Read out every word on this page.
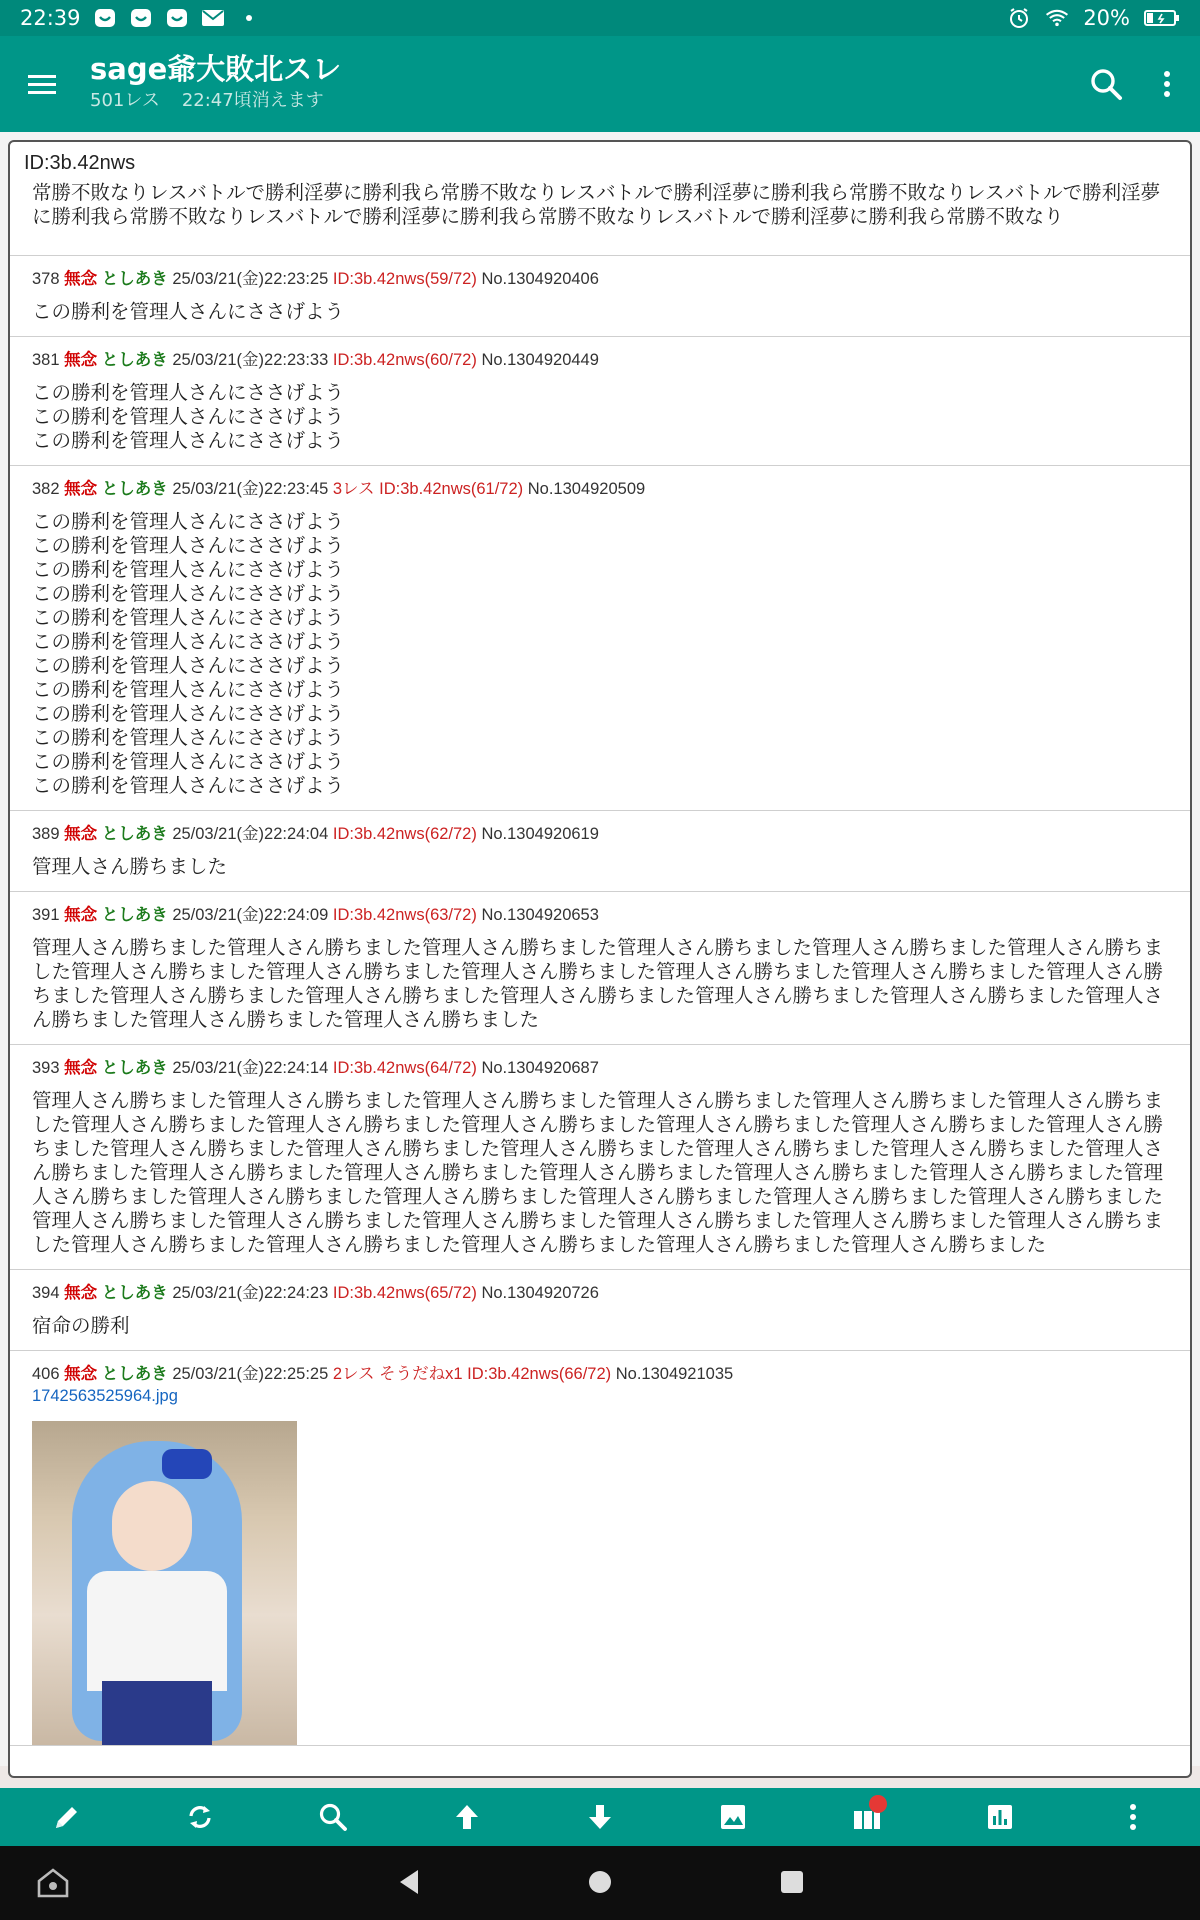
22:39	20%
sage爺大敗北スレ
501レス 22:47頃消えます
ID:3b.42nws
常勝不敗なりレスバトルで勝利淫夢に勝利我ら常勝不敗なりレスバトルで勝利淫夢に勝利我ら常勝不敗なりレスバトルで勝利淫夢に勝利我ら常勝不敗なりレスバトルで勝利淫夢に勝利我ら常勝不敗なりレスバトルで勝利淫夢に勝利我ら常勝不敗なり
378 無念 としあき 25/03/21(金)22:23:25 ID:3b.42nws(59/72) No.1304920406
この勝利を管理人さんにささげよう
381 無念 としあき 25/03/21(金)22:23:33 ID:3b.42nws(60/72) No.1304920449
この勝利を管理人さんにささげよう
この勝利を管理人さんにささげよう
この勝利を管理人さんにささげよう
382 無念 としあき 25/03/21(金)22:23:45 3レス ID:3b.42nws(61/72) No.1304920509
この勝利を管理人さんにささげよう
この勝利を管理人さんにささげよう
この勝利を管理人さんにささげよう
この勝利を管理人さんにささげよう
この勝利を管理人さんにささげよう
この勝利を管理人さんにささげよう
この勝利を管理人さんにささげよう
この勝利を管理人さんにささげよう
この勝利を管理人さんにささげよう
この勝利を管理人さんにささげよう
この勝利を管理人さんにささげよう
この勝利を管理人さんにささげよう
389 無念 としあき 25/03/21(金)22:24:04 ID:3b.42nws(62/72) No.1304920619
管理人さん勝ちました
391 無念 としあき 25/03/21(金)22:24:09 ID:3b.42nws(63/72) No.1304920653
管理人さん勝ちました管理人さん勝ちました管理人さん勝ちました管理人さん勝ちました管理人さん勝ちました管理人さん勝ちました管理人さん勝ちました管理人さん勝ちました管理人さん勝ちました管理人さん勝ちました管理人さん勝ちました管理人さん勝ちました管理人さん勝ちました管理人さん勝ちました管理人さん勝ちました管理人さん勝ちました管理人さん勝ちました管理人さん勝ちました管理人さん勝ちました管理人さん勝ちました
393 無念 としあき 25/03/21(金)22:24:14 ID:3b.42nws(64/72) No.1304920687
管理人さん勝ちました管理人さん勝ちました管理人さん勝ちました管理人さん勝ちました管理人さん勝ちました管理人さん勝ちました管理人さん勝ちました管理人さん勝ちました管理人さん勝ちました管理人さん勝ちました管理人さん勝ちました管理人さん勝ちました管理人さん勝ちました管理人さん勝ちました管理人さん勝ちました管理人さん勝ちました管理人さん勝ちました管理人さん勝ちました管理人さん勝ちました管理人さん勝ちました管理人さん勝ちました管理人さん勝ちました管理人さん勝ちました管理人さん勝ちました管理人さん勝ちました管理人さん勝ちました管理人さん勝ちました管理人さん勝ちました管理人さん勝ちました管理人さん勝ちました管理人さん勝ちました管理人さん勝ちました管理人さん勝ちました管理人さん勝ちました管理人さん勝ちました管理人さん勝ちました管理人さん勝ちました管理人さん勝ちました管理人さん勝ちました管理人さん勝ちました
394 無念 としあき 25/03/21(金)22:24:23 ID:3b.42nws(65/72) No.1304920726
宿命の勝利
406 無念 としあき 25/03/21(金)22:25:25 2レス そうだねx1 ID:3b.42nws(66/72) No.1304921035
1742563525964.jpg
